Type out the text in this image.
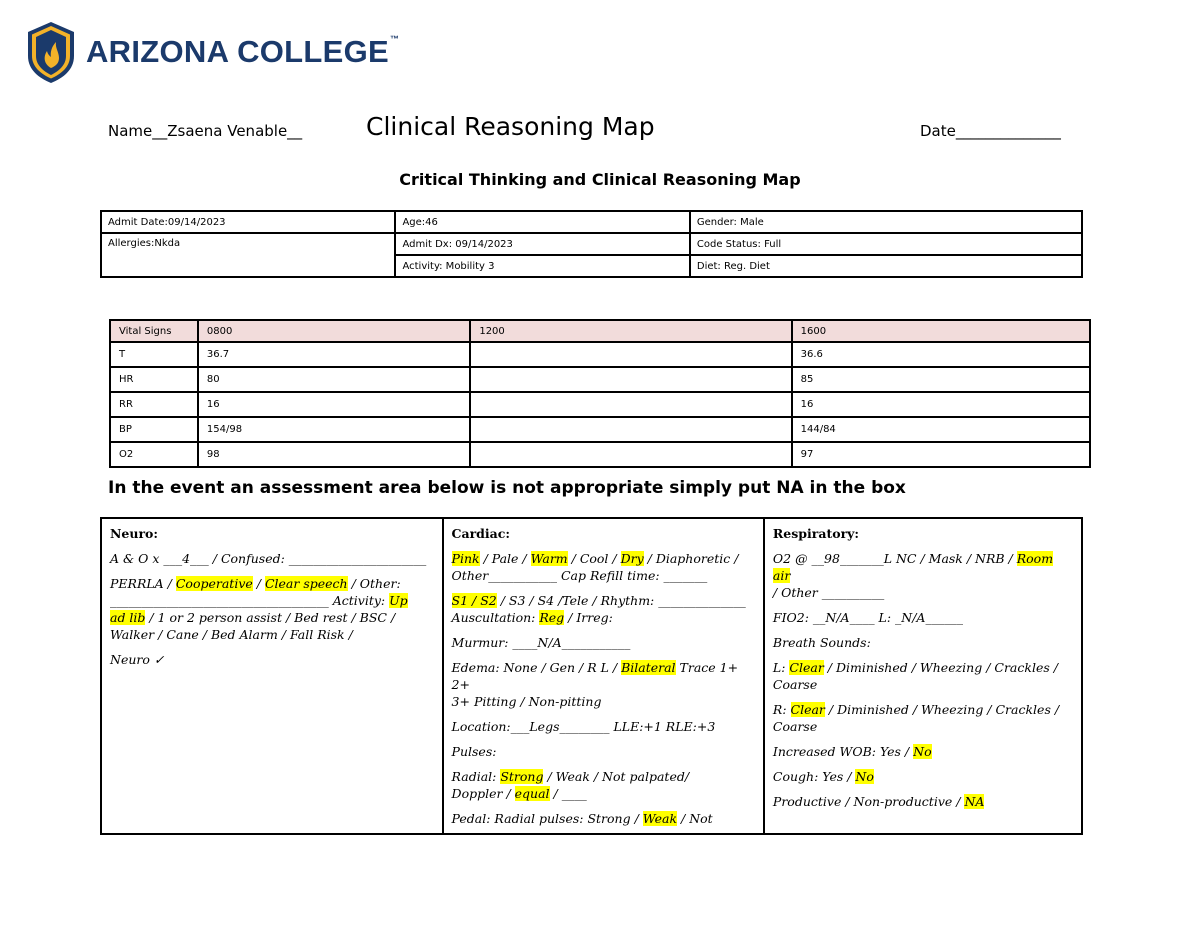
ARIZONA COLLEGE™
Name__Zsaena Venable__	Clinical Reasoning Map	Date______________
Critical Thinking and Clinical Reasoning Map
Admit Date:09/14/2023	Age:46	Gender: Male
Allergies:Nkda	Admit Dx: 09/14/2023	Code Status: Full
	Activity: Mobility 3	Diet: Reg. Diet
Vital Signs	0800	1200	1600
T	36.7		36.6
HR	80		85
RR	16		16
BP	154/98		144/84
O2	98		97
In the event an assessment area below is not appropriate simply put NA in the box
Neuro:
A & O x ___4___ / Confused: ______________________
PERRLA / Cooperative / Clear speech / Other:
___________________________________ Activity: Up
ad lib / 1 or 2 person assist / Bed rest / BSC /
Walker / Cane / Bed Alarm / Fall Risk /
Neuro ✓

Cardiac:
Pink / Pale / Warm / Cool / Dry / Diaphoretic /
Other___________ Cap Refill time: _______
S1 / S2 / S3 / S4 /Tele / Rhythm: ______________
Auscultation: Reg / Irreg:
Murmur: ____N/A___________
Edema: None / Gen / R L / Bilateral Trace 1+ 2+
3+ Pitting / Non-pitting
Location:___Legs________ LLE:+1 RLE:+3
Pulses:
Radial: Strong / Weak / Not palpated/
Doppler / equal / ____
Pedal: Radial pulses: Strong / Weak / Not

Respiratory:
O2 @ __98_______L NC / Mask / NRB / Room air
/ Other __________
FIO2: __N/A____ L: _N/A______
Breath Sounds:
L: Clear / Diminished / Wheezing / Crackles /
Coarse
R: Clear / Diminished / Wheezing / Crackles /
Coarse
Increased WOB: Yes / No
Cough: Yes / No
Productive / Non-productive / NA
